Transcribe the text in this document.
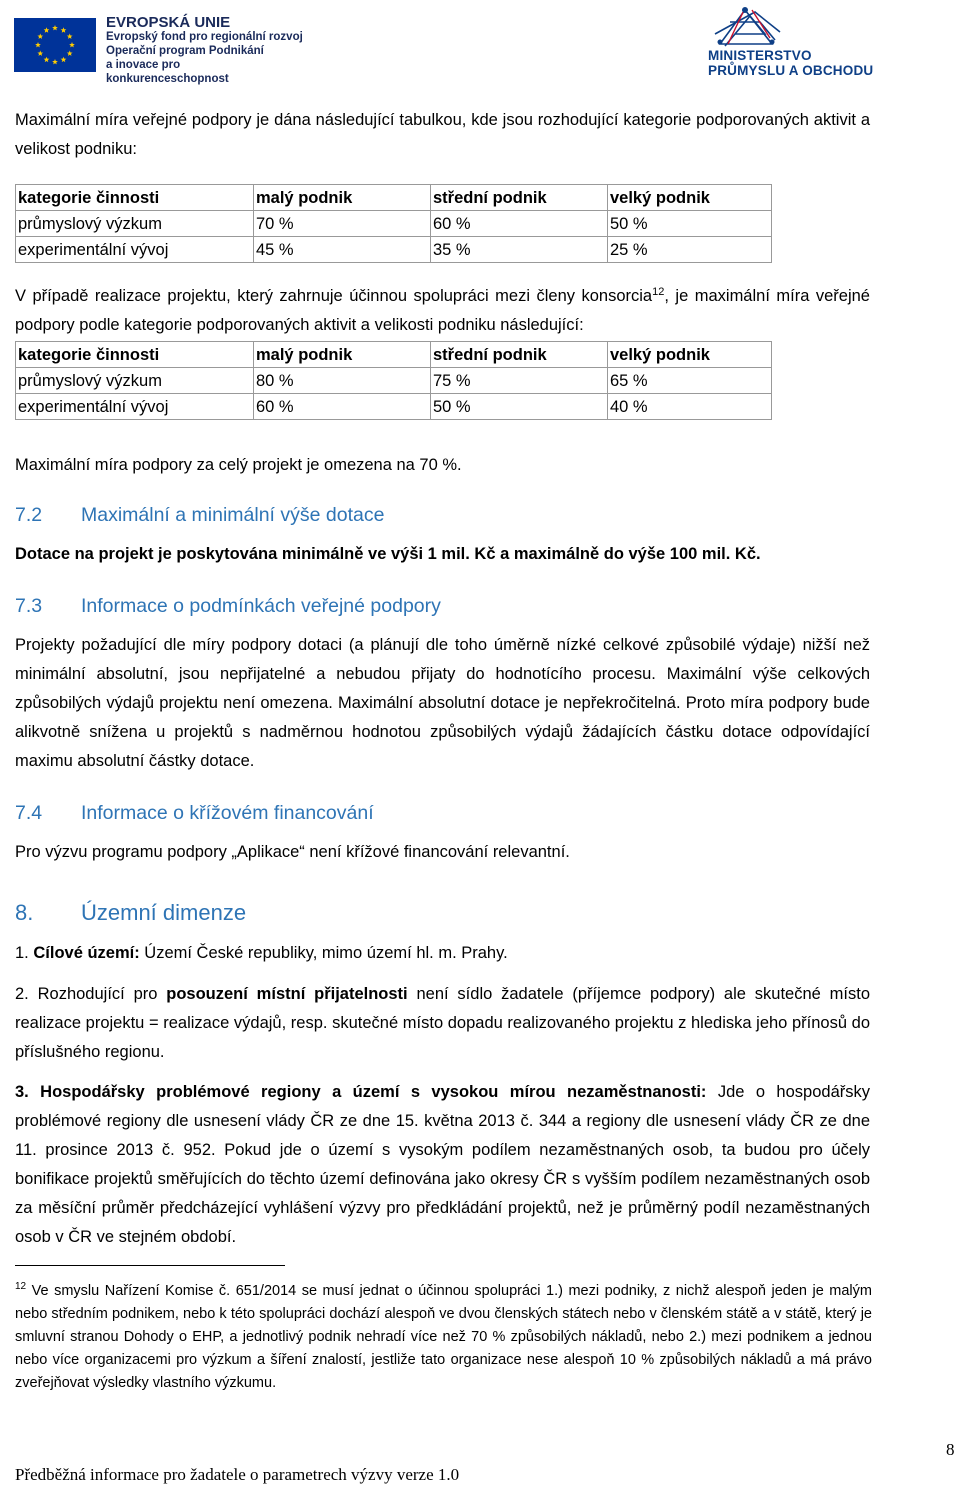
EVROPSKÁ UNIE
Evropský fond pro regionální rozvoj
Operační program Podnikání
a inovace pro konkurenceschopnost
MINISTERSTVO
PRŮMYSLU A OBCHODU
Maximální míra veřejné podpory je dána následující tabulkou, kde jsou rozhodující kategorie podporovaných aktivit a velikost podniku:
kategorie činnosti	malý podnik	střední podnik	velký podnik
průmyslový výzkum	70 %	60 %	50 %
experimentální vývoj	45 %	35 %	25 %
V případě realizace projektu, který zahrnuje účinnou spolupráci mezi členy konsorcia$^{12}$, je maximální míra veřejné podpory podle kategorie podporovaných aktivit a velikosti podniku následující:
kategorie činnosti	malý podnik	střední podnik	velký podnik
průmyslový výzkum	80 %	75 %	65 %
experimentální vývoj	60 %	50 %	40 %
Maximální míra podpory za celý projekt je omezena na 70 %.
7.2 Maximální a minimální výše dotace
Dotace na projekt je poskytována minimálně ve výši 1 mil. Kč a maximálně do výše 100 mil. Kč.
7.3 Informace o podmínkách veřejné podpory
Projekty požadující dle míry podpory dotaci (a plánují dle toho úměrně nízké celkové způsobilé výdaje) nižší než minimální absolutní, jsou nepřijatelné a nebudou přijaty do hodnotícího procesu. Maximální výše celkových způsobilých výdajů projektu není omezena. Maximální absolutní dotace je nepřekročitelná. Proto míra podpory bude alikvotně snížena u projektů s nadměrnou hodnotou způsobilých výdajů žádajících částku dotace odpovídající maximu absolutní částky dotace.
7.4 Informace o křížovém financování
Pro výzvu programu podpory „Aplikace“ není křížové financování relevantní.
8. Územní dimenze
1. Cílové území: Území České republiky, mimo území hl. m. Prahy.
2. Rozhodující pro posouzení místní přijatelnosti není sídlo žadatele (příjemce podpory) ale skutečné místo realizace projektu = realizace výdajů, resp. skutečné místo dopadu realizovaného projektu z hlediska jeho přínosů do příslušného regionu.
3. Hospodářsky problémové regiony a území s vysokou mírou nezaměstnanosti: Jde o hospodářsky problémové regiony dle usnesení vlády ČR ze dne 15. května 2013 č. 344 a regiony dle usnesení vlády ČR ze dne 11. prosince 2013 č. 952. Pokud jde o území s vysokým podílem nezaměstnaných osob, ta budou pro účely bonifikace projektů směřujících do těchto území definována jako okresy ČR s vyšším podílem nezaměstnaných osob za měsíční průměr předcházející vyhlášení výzvy pro předkládání projektů, než je průměrný podíl nezaměstnaných osob v ČR ve stejném období.
$^{12}$ Ve smyslu Nařízení Komise č. 651/2014 se musí jednat o účinnou spolupráci 1.) mezi podniky, z nichž alespoň jeden je malým nebo středním podnikem, nebo k této spolupráci dochází alespoň ve dvou členských státech nebo v členském státě a v státě, který je smluvní stranou Dohody o EHP, a jednotlivý podnik nehradí více než 70 % způsobilých nákladů, nebo 2.) mezi podnikem a jednou nebo více organizacemi pro výzkum a šíření znalostí, jestliže tato organizace nese alespoň 10 % způsobilých nákladů a má právo zveřejňovat výsledky vlastního výzkumu.
Předběžná informace pro žadatele o parametrech výzvy verze 1.0
8
